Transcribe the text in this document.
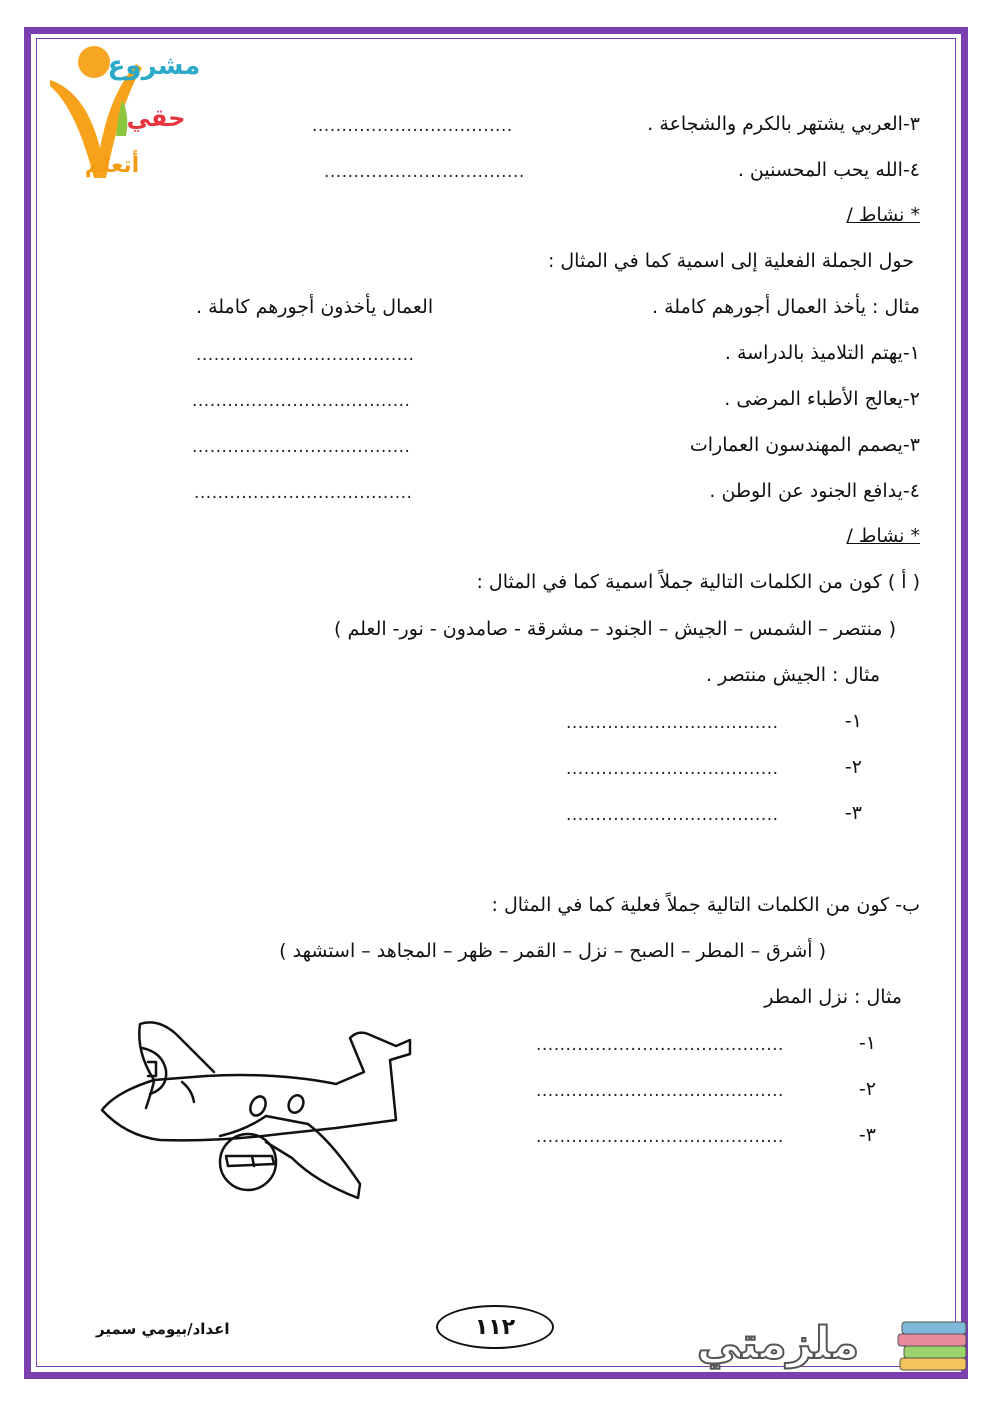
مشروع
حقي
أتعلم
٣-العربي يشتهر بالكرم والشجاعة .
..................................
٤-الله يحب المحسنين .
..................................
* نشاط /
حول الجملة الفعلية إلى اسمية كما في المثال :
مثال : يأخذ العمال أجورهم كاملة .
العمال يأخذون أجورهم كاملة .
١-يهتم التلاميذ بالدراسة .
.....................................
٢-يعالج الأطباء المرضى .
.....................................
٣-يصمم المهندسون العمارات
.....................................
٤-يدافع الجنود عن الوطن .
.....................................
* نشاط /
( أ ) كون من الكلمات التالية جملاً اسمية كما في المثال :
( منتصر – الشمس – الجيش – الجنود – مشرقة - صامدون - نور- العلم )
مثال : الجيش منتصر .
١-
....................................
٢-
....................................
٣-
....................................
ب- كون من الكلمات التالية جملاً فعلية كما في المثال :
( أشرق – المطر – الصبح – نزل – القمر – ظهر – المجاهد – استشهد )
مثال : نزل المطر
١-
..........................................
٢-
..........................................
٣-
..........................................
اعداد/بيومي سمير	١١٢	ملزمتي
